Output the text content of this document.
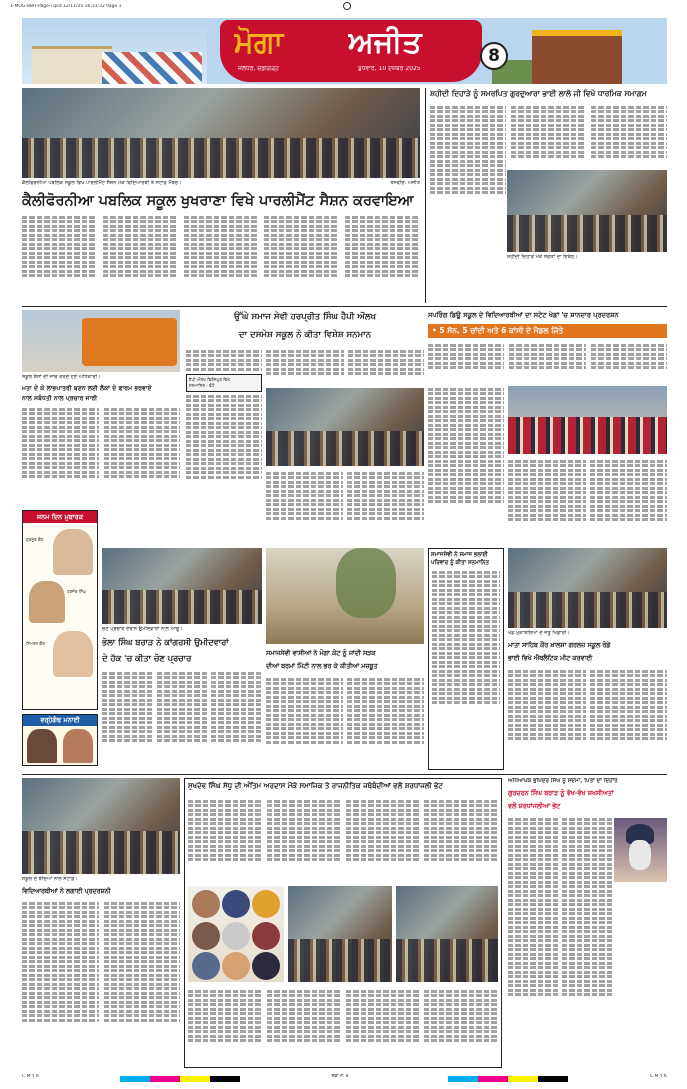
1-MOG-8BH-Page-i.qxd 12/11/25 16:33:32 Page 1
ਮੋਗਾ	ਅਜੀਤ
ਜਲੰਧਰ, ਚੰਡੀਗੜ੍ਹ	ਬੁੱਧਵਾਰ, 10 ਦਸੰਬਰ 2025
8
ਕੈਲੀਫੋਰਨੀਆ ਪਬਲਿਕ ਸਕੂਲ ਵਿਖੇ ਪਾਰਲੀਮੈਂਟ ਸੈਸ਼ਨ ਮੌਕੇ ਵਿਦਿਆਰਥੀ ਤੇ ਸਟਾਫ਼ ਮੈਂਬਰ।	ਤਸਵੀਰ: ਅਜੀਤ
ਕੈਲੀਫੋਰਨੀਆ ਪਬਲਿਕ ਸਕੂਲ ਖੁਖਰਾਣਾ ਵਿਖੇ ਪਾਰਲੀਮੈਂਟ ਸੈਸ਼ਨ ਕਰਵਾਇਆ
ਸ਼ਹੀਦੀ ਦਿਹਾੜੇ ਨੂੰ ਸਮਰਪਿਤ ਗੁਰਦੁਆਰਾ ਭਾਈ ਲਾਲੋ ਜੀ ਵਿਖੇ ਧਾਰਮਿਕ ਸਮਾਗਮ
ਸ਼ਹੀਦੀ ਦਿਹਾੜੇ ਮੌਕੇ ਸੰਗਤਾਂ ਦਾ ਇਕੱਠ।
ਸਕੂਲ ਬੱਸਾਂ ਦੀ ਜਾਂਚ ਕਰਦੇ ਹੋਏ ਅਧਿਕਾਰੀ।
ਮਤਾ ਦੇ ਕੇ ਲਾਭਪਾਤਰੀ ਬਣਨ ਲਈ ਲੋਕਾਂ ਦੇ ਫਾਰਮ ਭਰਵਾਏ
ਨਾਲ ਸਬੰਧਤੀ ਨਾਲ ਪ੍ਰਚਾਰ ਜਾਰੀ
ਜਨਮ ਦਿਨ ਮੁਬਾਰਕ
ਗੁਰਨੂਰ ਕੌਰ
ਹਰਜੋਤ ਸਿੰਘ
ਸਿਮਰਨ ਕੌਰ
ਵਰ੍ਹੇਗੰਢ ਮਨਾਈ
ਚੋਣ ਪ੍ਰਚਾਰ ਦੌਰਾਨ ਉਮੀਦਵਾਰਾਂ ਨਾਲ ਆਗੂ।
ਭੋਲਾ ਸਿੰਘ ਬਰਾੜ ਨੇ ਕਾਂਗਰਸੀ ਉਮੀਦਵਾਰਾਂ
ਦੇ ਹੱਕ 'ਚ ਕੀਤਾ ਚੋਣ ਪ੍ਰਚਾਰ
ਉੱਘੇ ਸਮਾਜ ਸੇਵੀ ਹਰਪ੍ਰੀਤ ਸਿੰਘ ਹੈਪੀ ਔਲਖ
ਦਾ ਦਸਮੇਸ਼ ਸਕੂਲ ਨੇ ਕੀਤਾ ਵਿਸ਼ੇਸ਼ ਸਨਮਾਨ
ਹੈਪੀ ਔਲਖ ਫਿਰੋਜ਼ਪੁਰ ਵਿਖੇ
ਸਨਮਾਨਿਤ - ਫੋਟੋ
ਸਪਰਿੰਗ ਡਿਊ ਸਕੂਲ ਦੇ ਵਿਦਿਆਰਥੀਆਂ ਦਾ ਸਟੇਟ ਖੇਡਾਂ 'ਚ ਸ਼ਾਨਦਾਰ ਪ੍ਰਦਰਸ਼ਨ
• 5 ਸੋਨ, 5 ਚਾਂਦੀ ਅਤੇ 6 ਕਾਂਸੀ ਦੇ ਮੈਡਲ ਜਿੱਤੇ
ਸਮਾਜਸੇਵੀ ਵਾਸੀਆਂ ਨੇ ਮੋਗਾ ਕੋਟ ਨੂੰ ਜਾਂਦੀ ਸੜਕ
ਦੀਆਂ ਬਰਮਾਂ ਮਿੱਟੀ ਨਾਲ ਭਰ ਕੇ ਕੀਤੀਆਂ ਮਜ਼ਬੂਤ
ਸਮਾਜਸੇਵੀ ਨੇ ਸਮਾਜ ਭਲਾਈ ਪਰਿਵਾਰ ਨੂੰ ਕੀਤਾ ਸਨਮਾਨਿਤ
ਖੇਡ ਮੁਕਾਬਲਿਆਂ ਦੇ ਜੇਤੂ ਖਿਡਾਰੀ।
ਮਾਤਾ ਸਾਹਿਬ ਕੌਰ ਖ਼ਾਲਸਾ ਗਰਲਜ਼ ਸਕੂਲ ਰੋਡੇ
ਭਾਈ ਵਿਖੇ ਐਥਲੈਟਿਕ ਮੀਟ ਕਰਵਾਈ
ਸਕੂਲ ਦੇ ਬੱਚਿਆਂ ਨਾਲ ਸਟਾਫ਼।
ਵਿਦਿਆਰਥੀਆਂ ਨੇ ਲਗਾਈ ਪ੍ਰਦਰਸ਼ਨੀ
ਸੁਖਦੇਵ ਸਿੰਘ ਸੱਧੂ ਦੀ ਅੰਤਿਮ ਅਰਦਾਸ ਮੌਕੇ ਸਮਾਜਿਕ ਤੇ ਰਾਜਨੀਤਿਕ ਜਥੇਬੰਦੀਆਂ ਵਲੋਂ ਸ਼ਰਧਾਂਜਲੀ ਭੇਟ
ਅਧਿਆਪਕ ਭੁਪਿੰਦਰ ਸਿੰਘ ਨੂੰ ਸਦਮਾ, ਪਿਤਾ ਦਾ ਦਿਹਾਂਤ
ਗੁਰਚਰਨ ਸਿੰਘ ਬਰਾੜ ਨੂੰ ਵੱਖ-ਵੱਖ ਸ਼ਖਸੀਅਤਾਂ
ਵਲੋਂ ਸ਼ਰਧਾਂਜਲੀਆਂ ਭੇਟ
C M Y K	ਸਫ਼ਾ ਨੰ: 8	C M Y K
